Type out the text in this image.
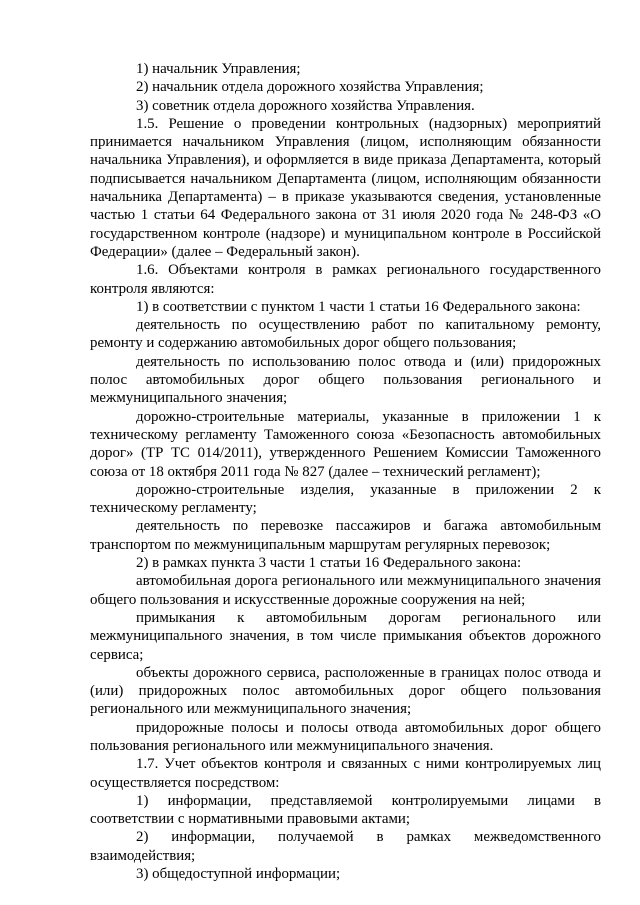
1) начальник Управления;

2) начальник отдела дорожного хозяйства Управления;

3) советник отдела дорожного хозяйства Управления.

1.5. Решение о проведении контрольных (надзорных) мероприятий принимается начальником Управления (лицом, исполняющим обязанности начальника Управления), и оформляется в виде приказа Департамента, который подписывается начальником Департамента (лицом, исполняющим обязанности начальника Департамента) – в приказе указываются сведения, установленные частью 1 статьи 64 Федерального закона от 31 июля 2020 года № 248-ФЗ «О государственном контроле (надзоре) и муниципальном контроле в Российской Федерации» (далее – Федеральный закон).

1.6. Объектами контроля в рамках регионального государственного контроля являются:

1) в соответствии с пунктом 1 части 1 статьи 16 Федерального закона:

деятельность по осуществлению работ по капитальному ремонту, ремонту и содержанию автомобильных дорог общего пользования;

деятельность по использованию полос отвода и (или) придорожных полос автомобильных дорог общего пользования регионального и межмуниципального значения;

дорожно-строительные материалы, указанные в приложении 1 к техническому регламенту Таможенного союза «Безопасность автомобильных дорог» (ТР ТС 014/2011), утвержденного Решением Комиссии Таможенного союза от 18 октября 2011 года № 827 (далее – технический регламент);

дорожно-строительные изделия, указанные в приложении 2 к техническому регламенту;

деятельность по перевозке пассажиров и багажа автомобильным транспортом по межмуниципальным маршрутам регулярных перевозок;

2) в рамках пункта 3 части 1 статьи 16 Федерального закона:

автомобильная дорога регионального или межмуниципального значения общего пользования и искусственные дорожные сооружения на ней;

примыкания к автомобильным дорогам регионального или межмуниципального значения, в том числе примыкания объектов дорожного сервиса;

объекты дорожного сервиса, расположенные в границах полос отвода и (или) придорожных полос автомобильных дорог общего пользования регионального или межмуниципального значения;

придорожные полосы и полосы отвода автомобильных дорог общего пользования регионального или межмуниципального значения.

1.7. Учет объектов контроля и связанных с ними контролируемых лиц осуществляется посредством:

1) информации, представляемой контролируемыми лицами в соответствии с нормативными правовыми актами;

2) информации, получаемой в рамках межведомственного взаимодействия;

3) общедоступной информации;
